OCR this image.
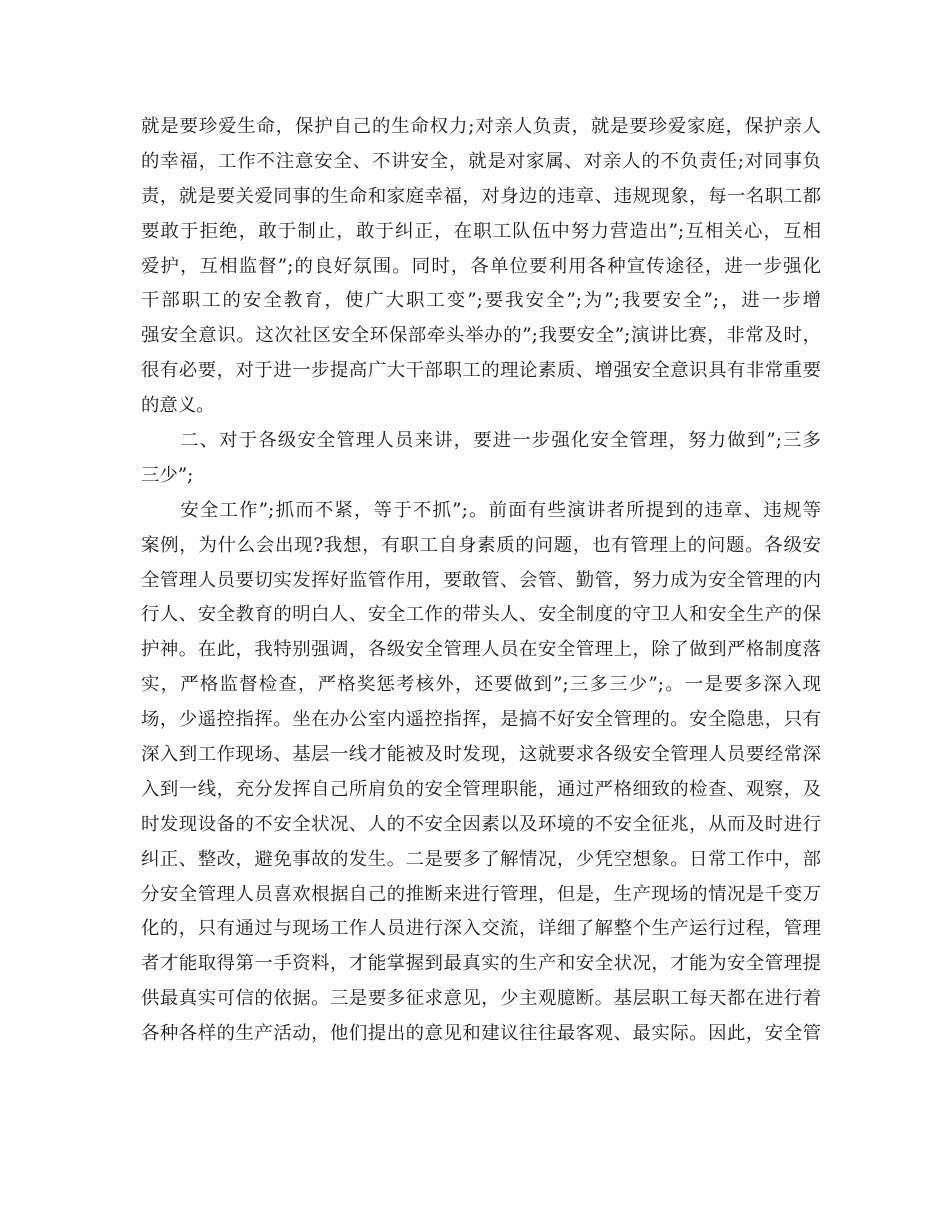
就是要珍爱生命，保护自己的生命权力;对亲人负责，就是要珍爱家庭，保护亲人
的幸福，工作不注意安全、不讲安全，就是对家属、对亲人的不负责任;对同事负
责，就是要关爱同事的生命和家庭幸福，对身边的违章、违规现象，每一名职工都
要敢于拒绝，敢于制止，敢于纠正，在职工队伍中努力营造出”;互相关心，互相
爱护，互相监督”;的良好氛围。同时，各单位要利用各种宣传途径，进一步强化
干部职工的安全教育，使广大职工变”;要我安全”;为”;我要安全”;，进一步增
强安全意识。这次社区安全环保部牵头举办的”;我要安全”;演讲比赛，非常及时，
很有必要，对于进一步提高广大干部职工的理论素质、增强安全意识具有非常重要
的意义。
　　二、对于各级安全管理人员来讲，要进一步强化安全管理，努力做到”;三多
三少”;
　　安全工作”;抓而不紧，等于不抓”;。前面有些演讲者所提到的违章、违规等
案例，为什么会出现?我想，有职工自身素质的问题，也有管理上的问题。各级安
全管理人员要切实发挥好监管作用，要敢管、会管、勤管，努力成为安全管理的内
行人、安全教育的明白人、安全工作的带头人、安全制度的守卫人和安全生产的保
护神。在此，我特别强调，各级安全管理人员在安全管理上，除了做到严格制度落
实，严格监督检查，严格奖惩考核外，还要做到”;三多三少”;。一是要多深入现
场，少遥控指挥。坐在办公室内遥控指挥，是搞不好安全管理的。安全隐患，只有
深入到工作现场、基层一线才能被及时发现，这就要求各级安全管理人员要经常深
入到一线，充分发挥自己所肩负的安全管理职能，通过严格细致的检查、观察，及
时发现设备的不安全状况、人的不安全因素以及环境的不安全征兆，从而及时进行
纠正、整改，避免事故的发生。二是要多了解情况，少凭空想象。日常工作中，部
分安全管理人员喜欢根据自己的推断来进行管理，但是，生产现场的情况是千变万
化的，只有通过与现场工作人员进行深入交流，详细了解整个生产运行过程，管理
者才能取得第一手资料，才能掌握到最真实的生产和安全状况，才能为安全管理提
供最真实可信的依据。三是要多征求意见，少主观臆断。基层职工每天都在进行着
各种各样的生产活动，他们提出的意见和建议往往最客观、最实际。因此，安全管
